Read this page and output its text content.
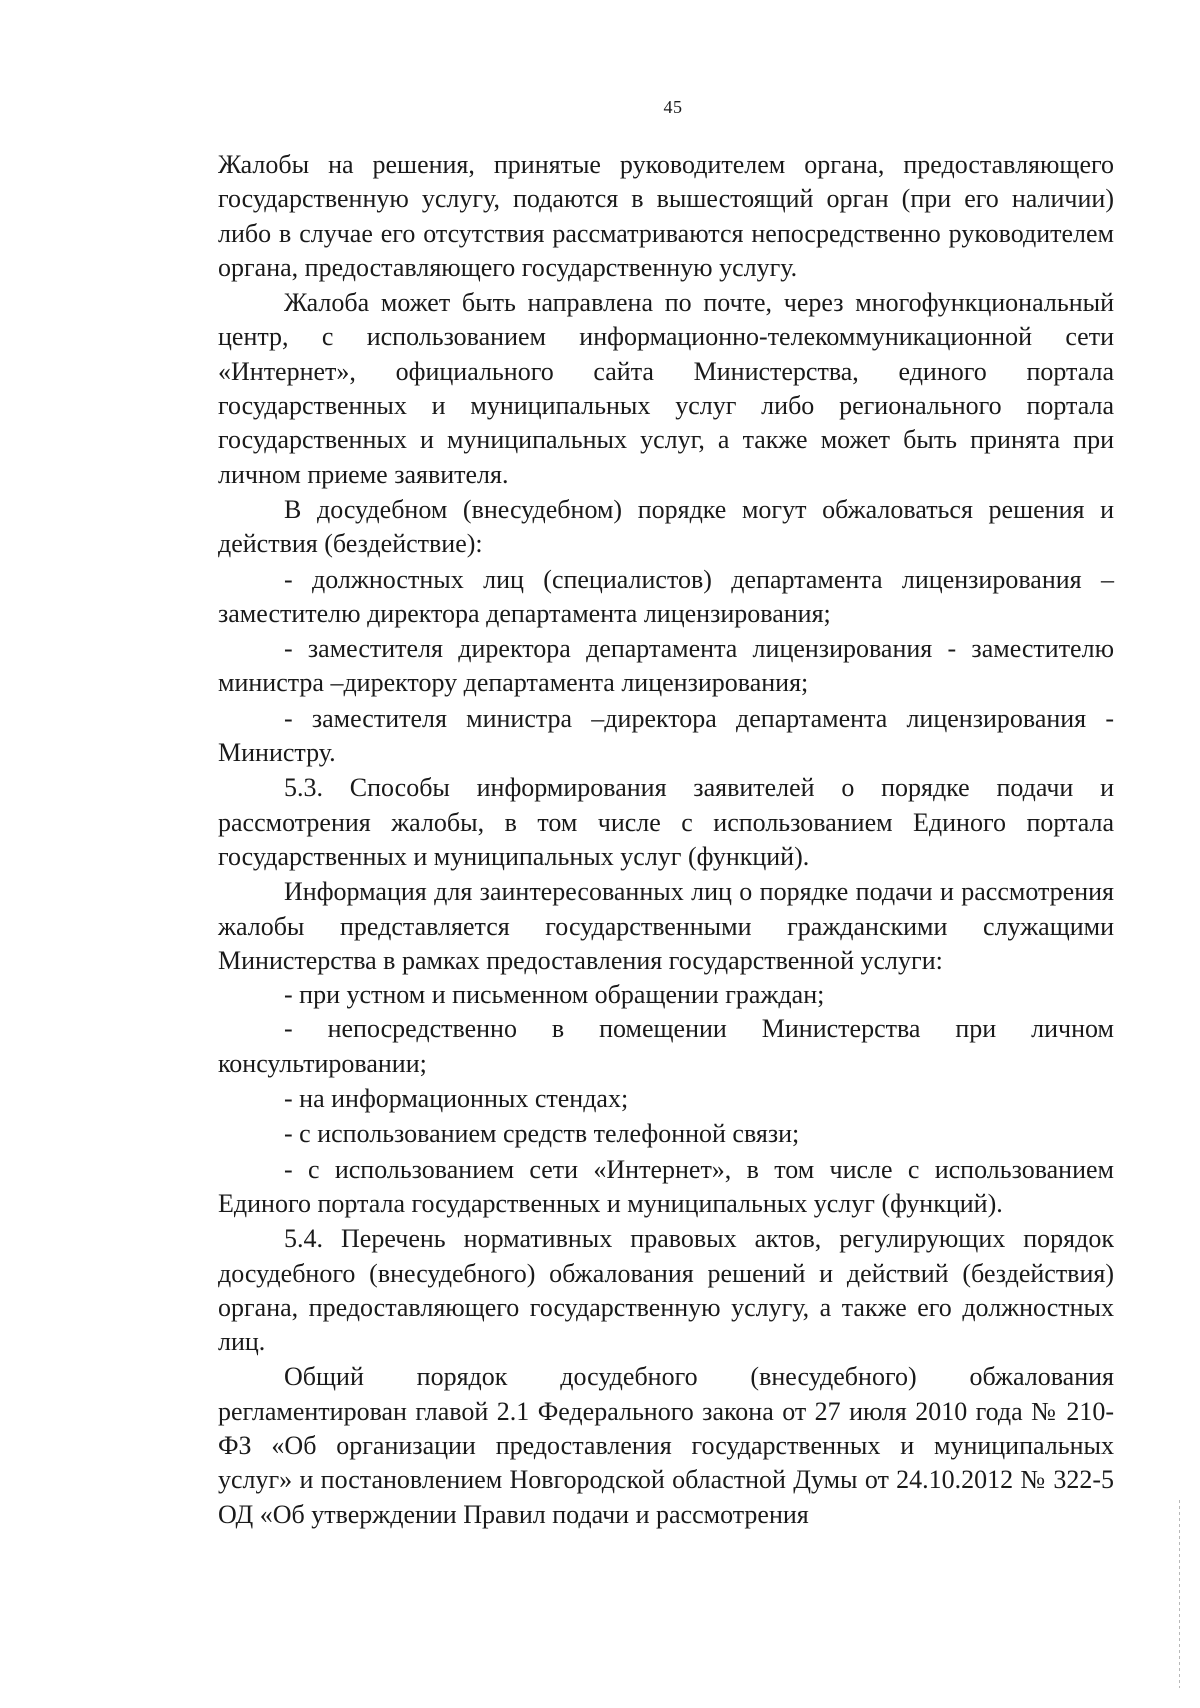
45

Жалобы на решения, принятые руководителем органа, предоставляющего государственную услугу, подаются в вышестоящий орган (при его наличии) либо в случае его отсутствия рассматриваются непосредственно руководителем органа, предоставляющего государственную услугу.

Жалоба может быть направлена по почте, через многофункциональный центр, с использованием информационно-телекоммуникационной сети «Интернет», официального сайта Министерства, единого портала государственных и муниципальных услуг либо регионального портала государственных и муниципальных услуг, а также может быть принята при личном приеме заявителя.

В досудебном (внесудебном) порядке могут обжаловаться решения и действия (бездействие):

- должностных лиц (специалистов) департамента лицензирования – заместителю директора департамента лицензирования;

- заместителя директора департамента лицензирования - заместителю министра –директору департамента лицензирования;

- заместителя министра –директора департамента лицензирования - Министру.

5.3. Способы информирования заявителей о порядке подачи и рассмотрения жалобы, в том числе с использованием Единого портала государственных и муниципальных услуг (функций).

Информация для заинтересованных лиц о порядке подачи и рассмотрения жалобы представляется государственными гражданскими служащими Министерства в рамках предоставления государственной услуги:

- при устном и письменном обращении граждан;

- непосредственно в помещении Министерства при личном консультировании;

- на информационных стендах;

- с использованием средств телефонной связи;

- с использованием сети «Интернет», в том числе с использованием Единого портала государственных и муниципальных услуг (функций).

5.4. Перечень нормативных правовых актов, регулирующих порядок досудебного (внесудебного) обжалования решений и действий (бездействия) органа, предоставляющего государственную услугу, а также его должностных лиц.

Общий порядок досудебного (внесудебного) обжалования регламентирован главой 2.1 Федерального закона от 27 июля 2010 года № 210-ФЗ «Об организации предоставления государственных и муниципальных услуг» и постановлением Новгородской областной Думы от 24.10.2012 № 322-5 ОД «Об утверждении Правил подачи и рассмотрения
